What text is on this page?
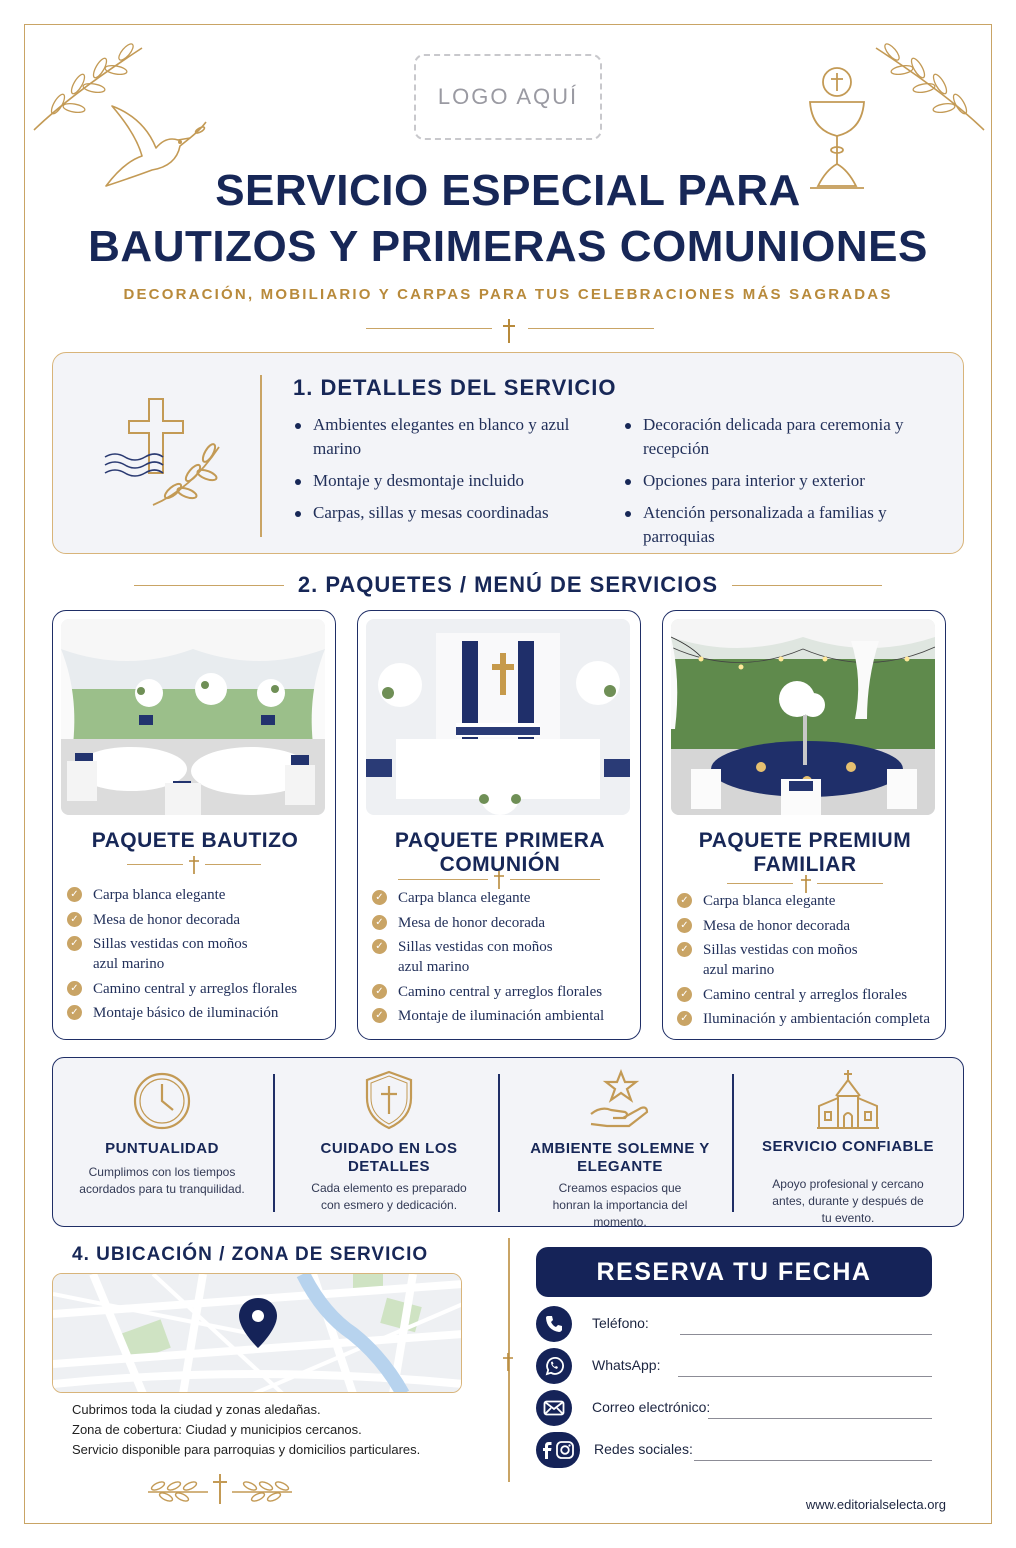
LOGO AQUÍ
SERVICIO ESPECIAL PARA
BAUTIZOS Y PRIMERAS COMUNIONES
DECORACIÓN, MOBILIARIO Y CARPAS PARA TUS CELEBRACIONES MÁS SAGRADAS
1. DETALLES DEL SERVICIO
Ambientes elegantes en blanco y azul marino
Montaje y desmontaje incluido
Carpas, sillas y mesas coordinadas
Decoración delicada para ceremonia y recepción
Opciones para interior y exterior
Atención personalizada a familias y parroquias
2. PAQUETES / MENÚ DE SERVICIOS
PAQUETE BAUTIZO
✓ Carpa blanca elegante
✓ Mesa de honor decorada
✓ Sillas vestidas con moños azul marino
✓ Camino central y arreglos florales
✓ Montaje básico de iluminación
PAQUETE PRIMERA COMUNIÓN
✓ Carpa blanca elegante
✓ Mesa de honor decorada
✓ Sillas vestidas con moños azul marino
✓ Camino central y arreglos florales
✓ Montaje de iluminación ambiental
PAQUETE PREMIUM FAMILIAR
✓ Carpa blanca elegante
✓ Mesa de honor decorada
✓ Sillas vestidas con moños azul marino
✓ Camino central y arreglos florales
✓ Iluminación y ambientación completa
PUNTUALIDAD
Cumplimos con los tiempos acordados para tu tranquilidad.
CUIDADO EN LOS DETALLES
Cada elemento es preparado con esmero y dedicación.
AMBIENTE SOLEMNE Y ELEGANTE
Creamos espacios que honran la importancia del momento.
SERVICIO CONFIABLE
Apoyo profesional y cercano antes, durante y después de tu evento.
4. UBICACIÓN / ZONA DE SERVICIO
Cubrimos toda la ciudad y zonas aledañas.
Zona de cobertura: Ciudad y municipios cercanos.
Servicio disponible para parroquias y domicilios particulares.
RESERVA TU FECHA
Teléfono:
WhatsApp:
Correo electrónico:
Redes sociales:
www.editorialselecta.org
